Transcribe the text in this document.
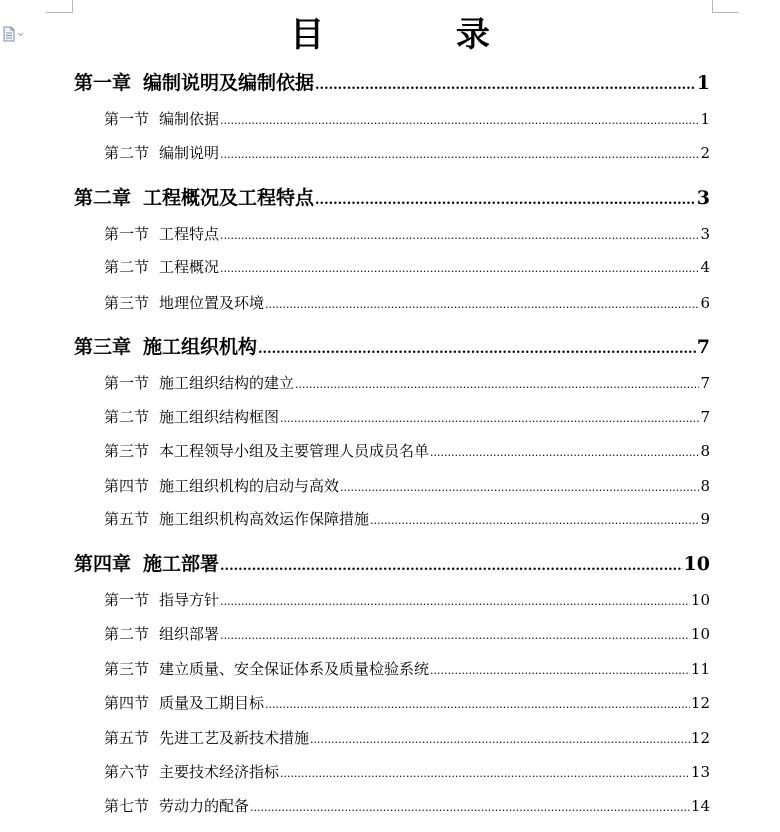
目 录
第一章 编制说明及编制依据 .....	1
第一节 编制依据 .....	1
第二节 编制说明 .....	2
第二章 工程概况及工程特点 .....	3
第一节 工程特点 .....	3
第二节 工程概况 .....	4
第三节 地理位置及环境 .....	6
第三章 施工组织机构 .....	7
第一节 施工组织结构的建立 .....	7
第二节 施工组织结构框图 .....	7
第三节 本工程领导小组及主要管理人员成员名单 .....	8
第四节 施工组织机构的启动与高效 .....	8
第五节 施工组织机构高效运作保障措施 .....	9
第四章 施工部署 .....	10
第一节 指导方针 .....	10
第二节 组织部署 .....	10
第三节 建立质量、安全保证体系及质量检验系统 .....	11
第四节 质量及工期目标 .....	12
第五节 先进工艺及新技术措施 .....	12
第六节 主要技术经济指标 .....	13
第七节 劳动力的配备 .....	14
